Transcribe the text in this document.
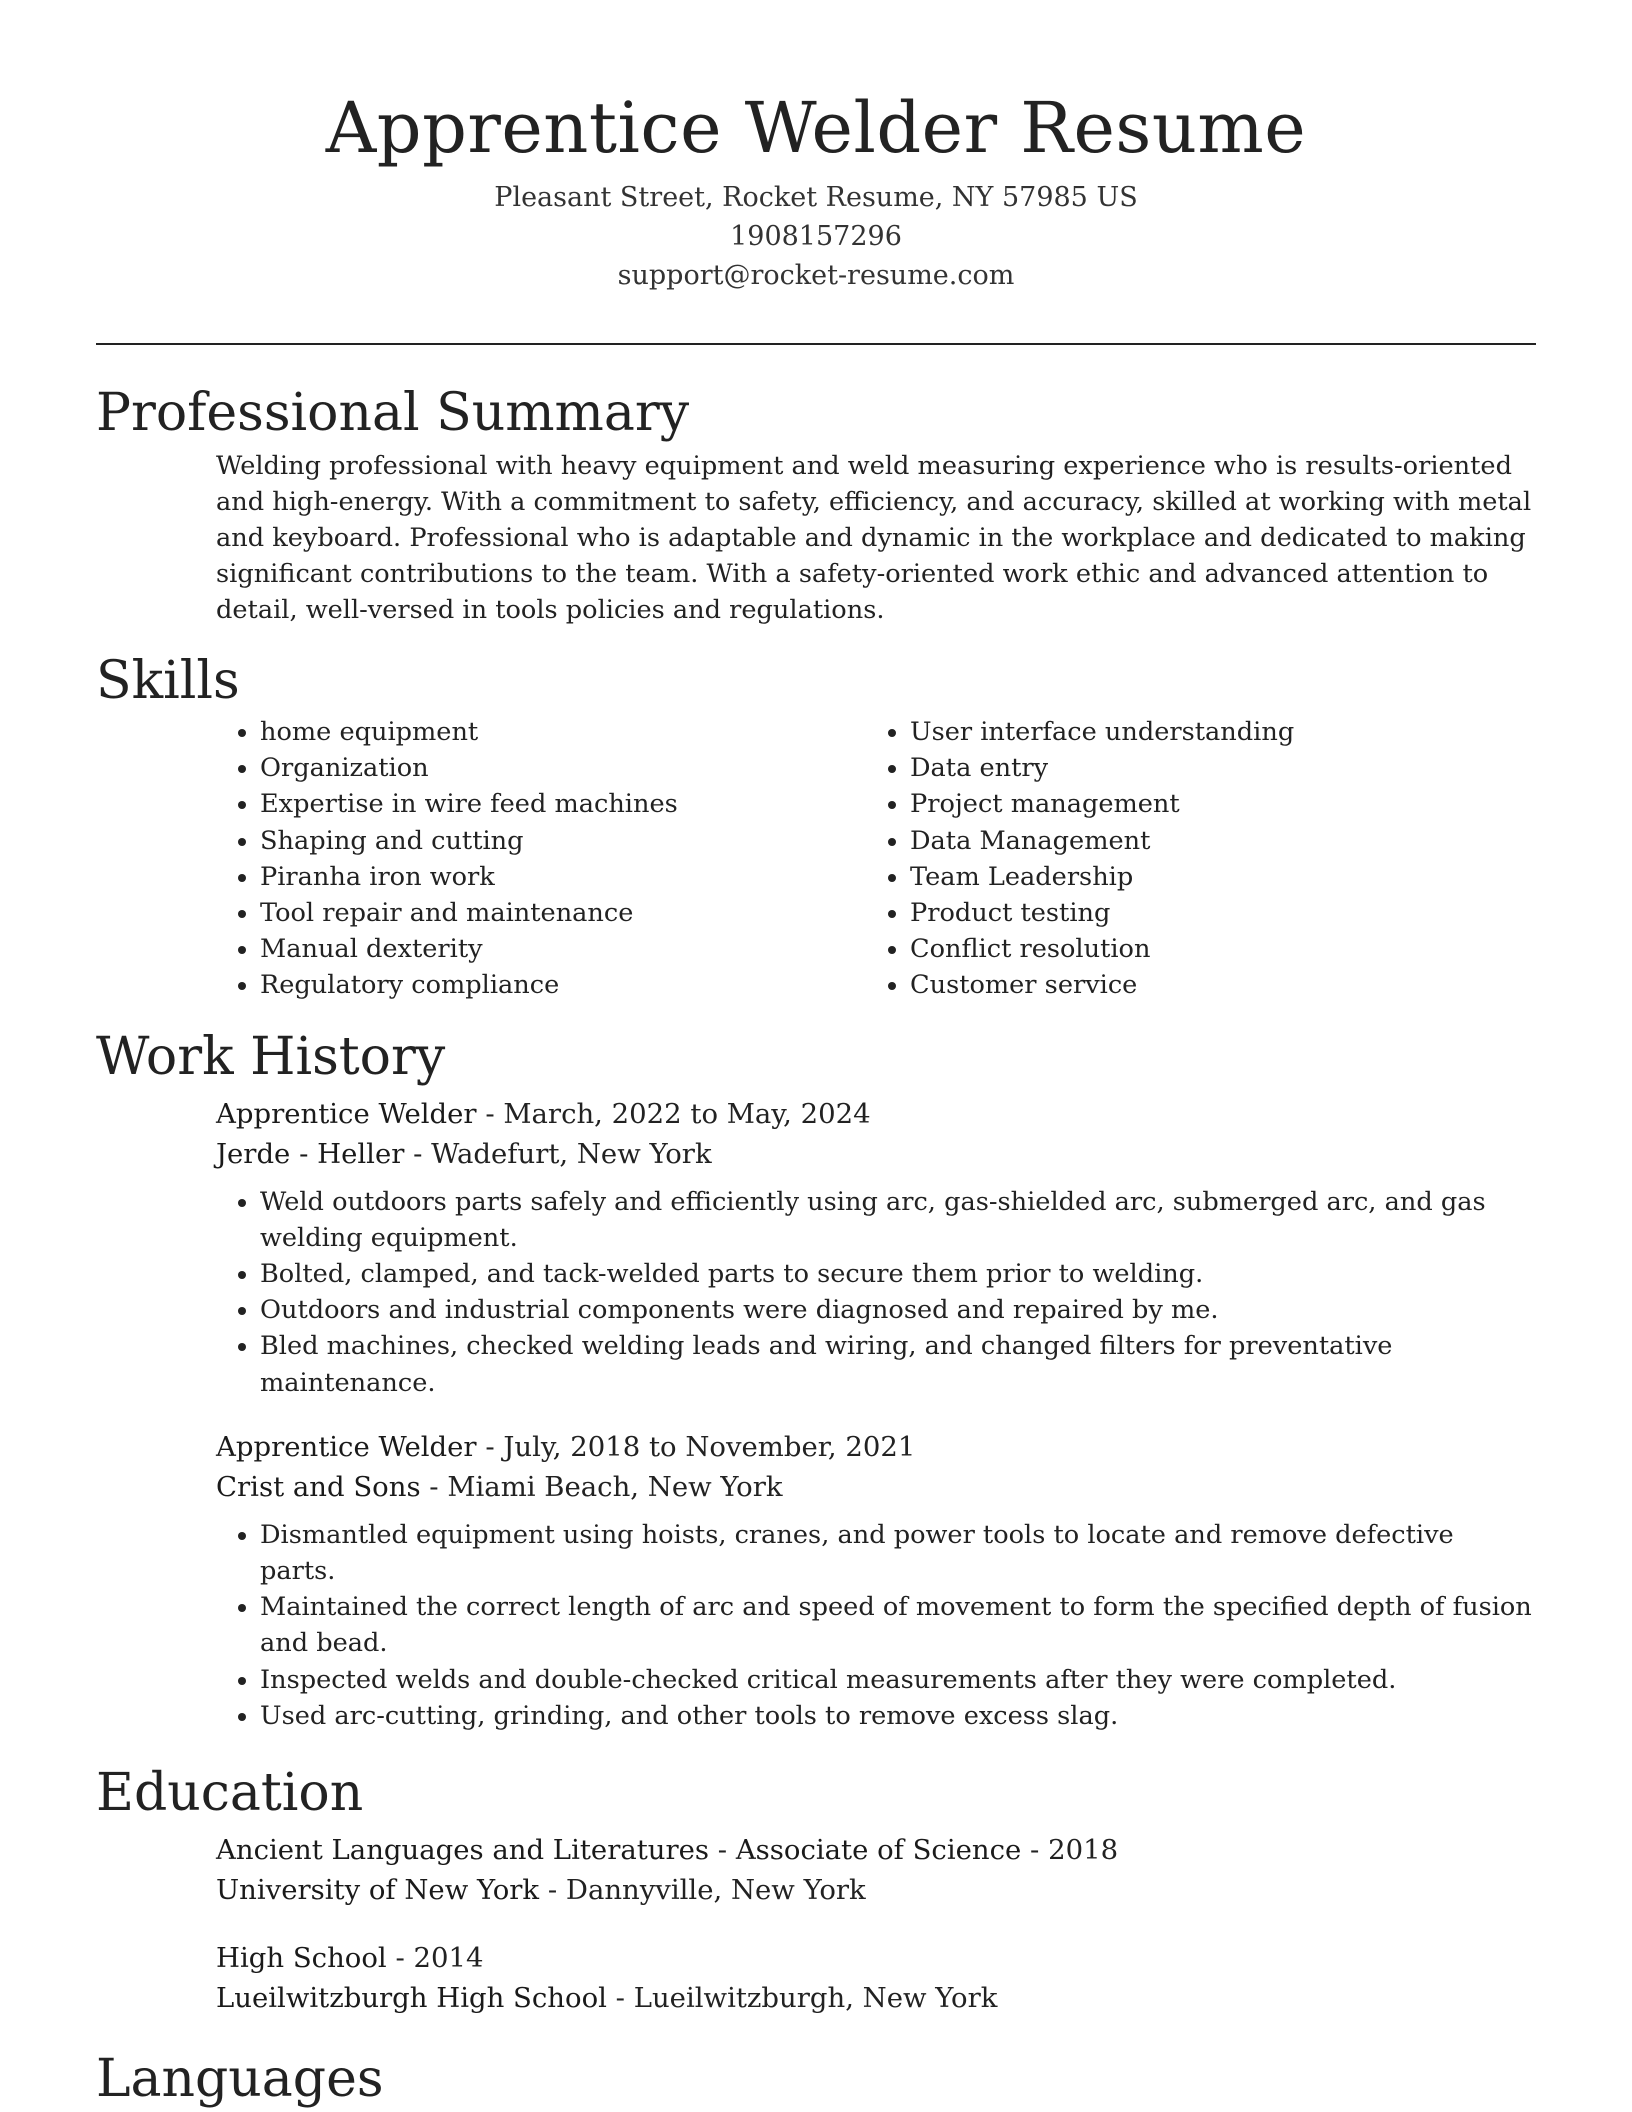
Apprentice Welder Resume
Pleasant Street, Rocket Resume, NY 57985 US
1908157296
support@rocket-resume.com
Professional Summary

Welding professional with heavy equipment and weld measuring experience who is results-oriented and high-energy. With a commitment to safety, efficiency, and accuracy, skilled at working with metal and keyboard. Professional who is adaptable and dynamic in the workplace and dedicated to making significant contributions to the team. With a safety-oriented work ethic and advanced attention to detail, well-versed in tools policies and regulations.

Skills
• home equipment
• Organization
• Expertise in wire feed machines
• Shaping and cutting
• Piranha iron work
• Tool repair and maintenance
• Manual dexterity
• Regulatory compliance
• User interface understanding
• Data entry
• Project management
• Data Management
• Team Leadership
• Product testing
• Conflict resolution
• Customer service
Work History
Apprentice Welder - March, 2022 to May, 2024
Jerde - Heller - Wadefurt, New York
• Weld outdoors parts safely and efficiently using arc, gas-shielded arc, submerged arc, and gas welding equipment.
• Bolted, clamped, and tack-welded parts to secure them prior to welding.
• Outdoors and industrial components were diagnosed and repaired by me.
• Bled machines, checked welding leads and wiring, and changed filters for preventative maintenance.
Apprentice Welder - July, 2018 to November, 2021
Crist and Sons - Miami Beach, New York
• Dismantled equipment using hoists, cranes, and power tools to locate and remove defective parts.
• Maintained the correct length of arc and speed of movement to form the specified depth of fusion and bead.
• Inspected welds and double-checked critical measurements after they were completed.
• Used arc-cutting, grinding, and other tools to remove excess slag.
Education
Ancient Languages and Literatures - Associate of Science - 2018
University of New York - Dannyville, New York
High School - 2014
Lueilwitzburgh High School - Lueilwitzburgh, New York
Languages
